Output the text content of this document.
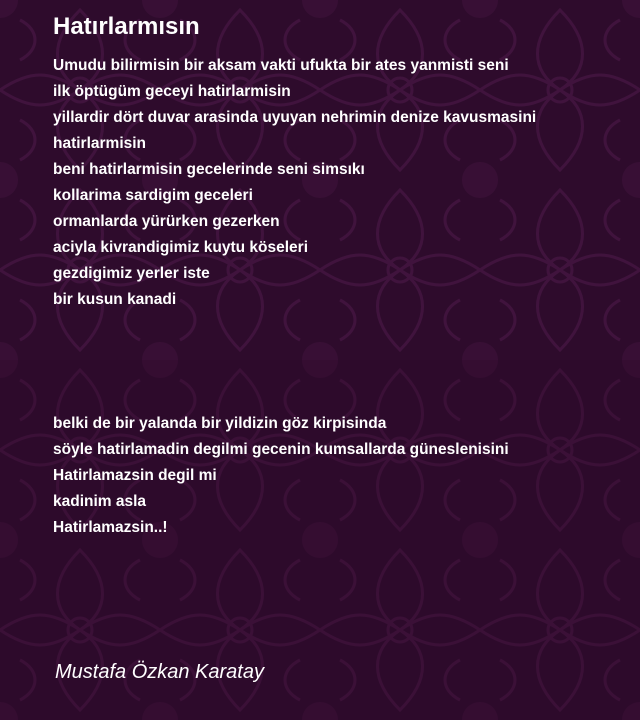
Hatırlarmısın
Umudu bilirmisin bir aksam vakti ufukta bir ates yanmisti seni
ilk öptügüm geceyi hatirlarmisin
yillardir dört duvar arasinda uyuyan nehrimin denize kavusmasini
hatirlarmisin
beni hatirlarmisin gecelerinde seni simsıkı
kollarima sardigim geceleri
ormanlarda yürürken gezerken
aciyla kivrandigimiz kuytu köseleri
gezdigimiz yerler iste
bir kusun kanadi
belki de bir yalanda bir yildizin göz kirpisinda
söyle hatirlamadin degilmi gecenin kumsallarda güneslenisini
Hatirlamazsin degil mi
kadinim asla
Hatirlamazsin..!

Mustafa Özkan Karatay
